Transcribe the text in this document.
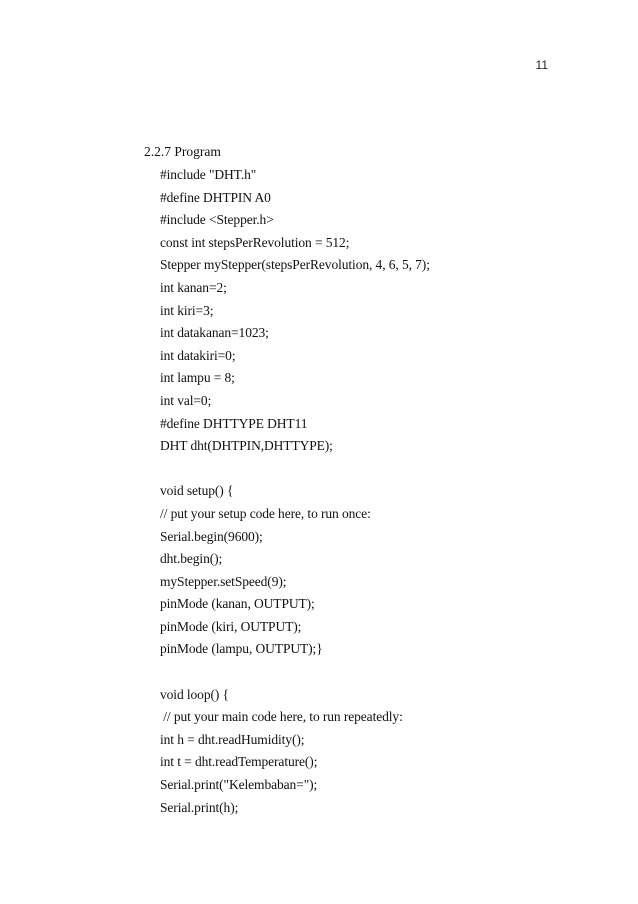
11
2.2.7 Program
#include "DHT.h"
#define DHTPIN A0
#include <Stepper.h>
const int stepsPerRevolution = 512;
Stepper myStepper(stepsPerRevolution, 4, 6, 5, 7);
int kanan=2;
int kiri=3;
int datakanan=1023;
int datakiri=0;
int lampu = 8;
int val=0;
#define DHTTYPE DHT11
DHT dht(DHTPIN,DHTTYPE);
void setup() {
// put your setup code here, to run once:
Serial.begin(9600);
dht.begin();
myStepper.setSpeed(9);
pinMode (kanan, OUTPUT);
pinMode (kiri, OUTPUT);
pinMode (lampu, OUTPUT);}
void loop() {
// put your main code here, to run repeatedly:
int h = dht.readHumidity();
int t = dht.readTemperature();
Serial.print("Kelembaban=");
Serial.print(h);
